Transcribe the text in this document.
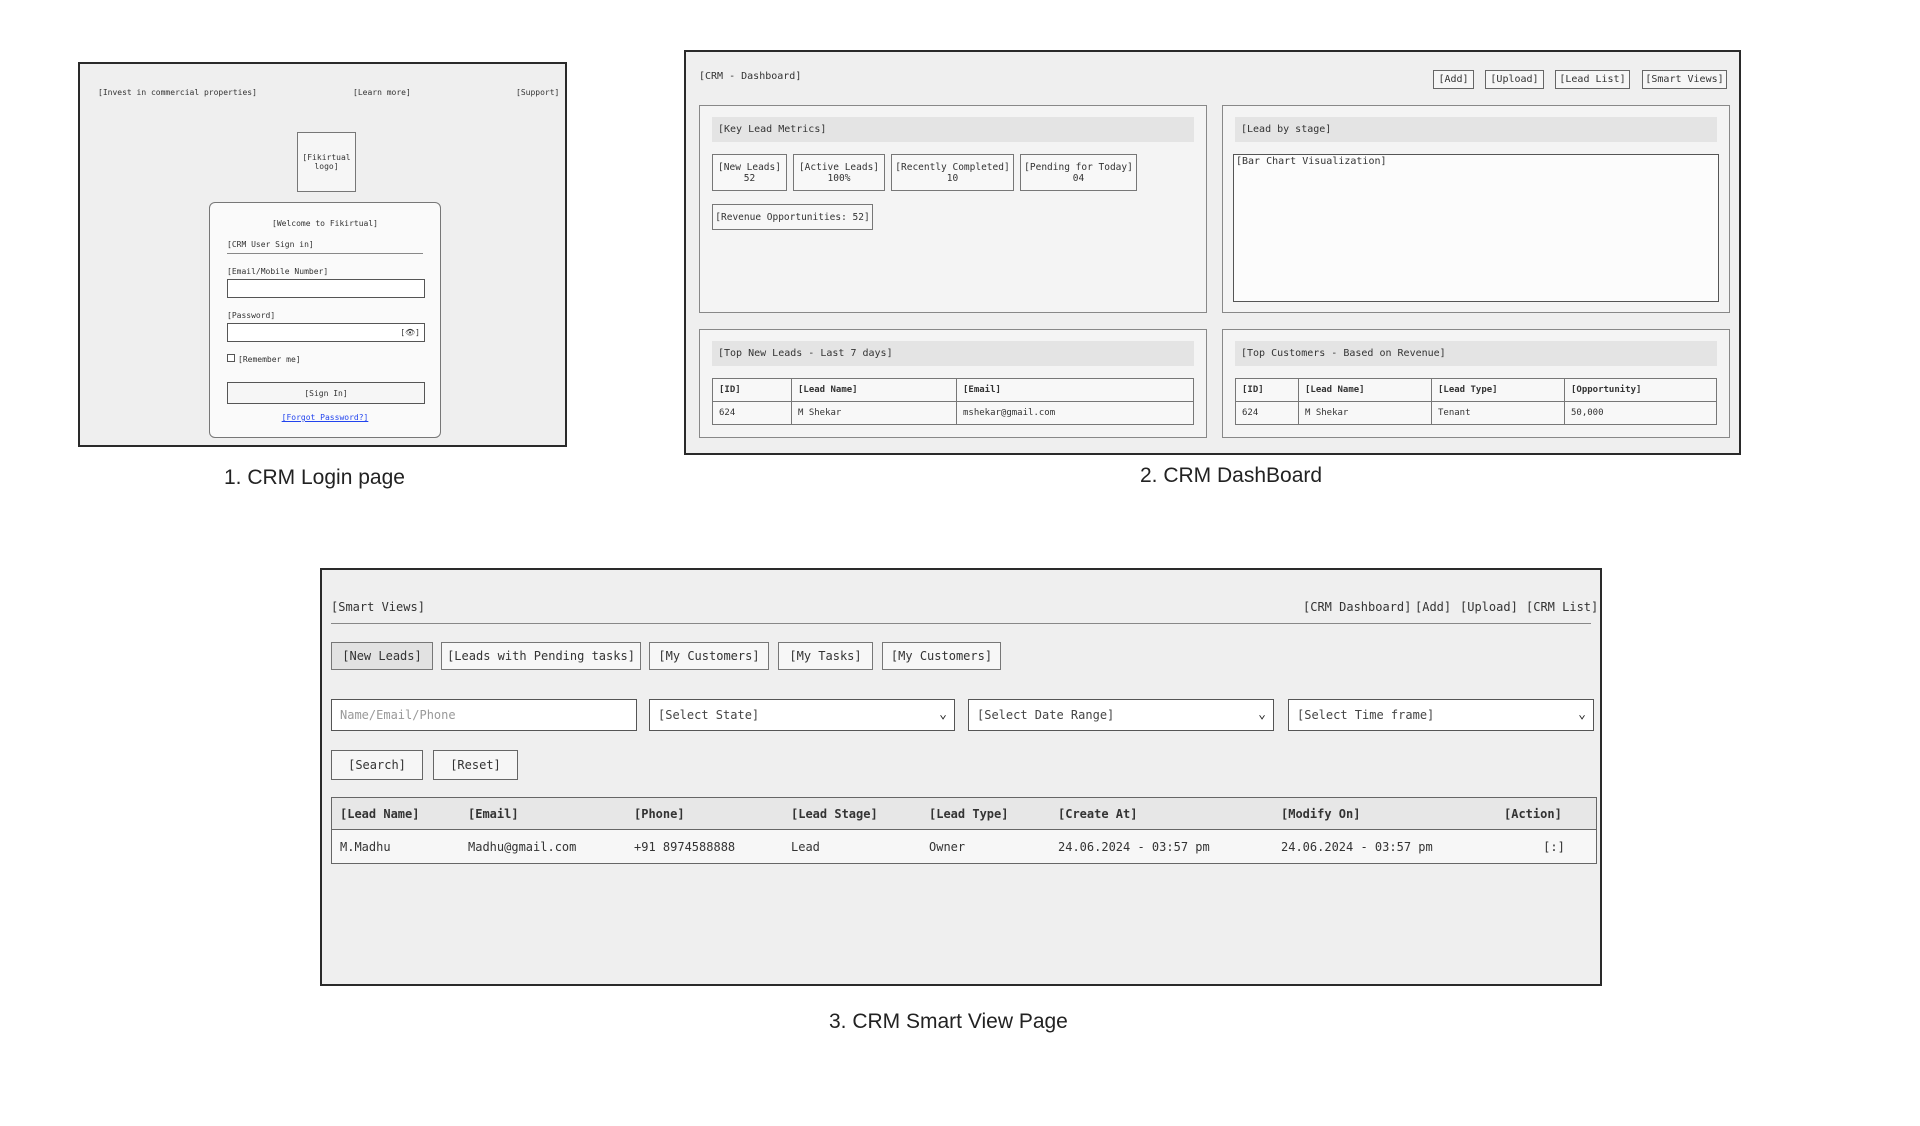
[Invest in commercial properties]	[Learn more]	[Support]
[Fikirtual logo]
[Welcome to Fikirtual]
[CRM User Sign in]
[Email/Mobile Number]
[Password]
[👁]
[Remember me]
[Sign In]
[Forgot Password?]
1. CRM Login page
[CRM - Dashboard]	[Add] [Upload] [Lead List] [Smart Views]
[Key Lead Metrics]
[New Leads]
52
[Active Leads]
100%
[Recently Completed]
10
[Pending for Today]
04
[Revenue Opportunities: 52]
[Lead by stage]
[Bar Chart Visualization]
[Top New Leads - Last 7 days]
[ID]	[Lead Name]	[Email]
624	M Shekar	mshekar@gmail.com
[Top Customers - Based on Revenue]
[ID]	[Lead Name]	[Lead Type]	[Opportunity]
624	M Shekar	Tenant	50,000
2. CRM DashBoard
[Smart Views]	[CRM Dashboard] [Add] [Upload] [CRM List]
[New Leads] [Leads with Pending tasks] [My Customers] [My Tasks] [My Customers]
Name/Email/Phone	[Select State]	⌄	[Select Date Range]	⌄	[Select Time frame]	⌄
[Search]	[Reset]
[Lead Name]	[Email]	[Phone]	[Lead Stage]	[Lead Type]	[Create At]	[Modify On]	[Action]
M.Madhu	Madhu@gmail.com	+91 8974588888	Lead	Owner	24.06.2024 - 03:57 pm	24.06.2024 - 03:57 pm	[:]
3. CRM Smart View Page
